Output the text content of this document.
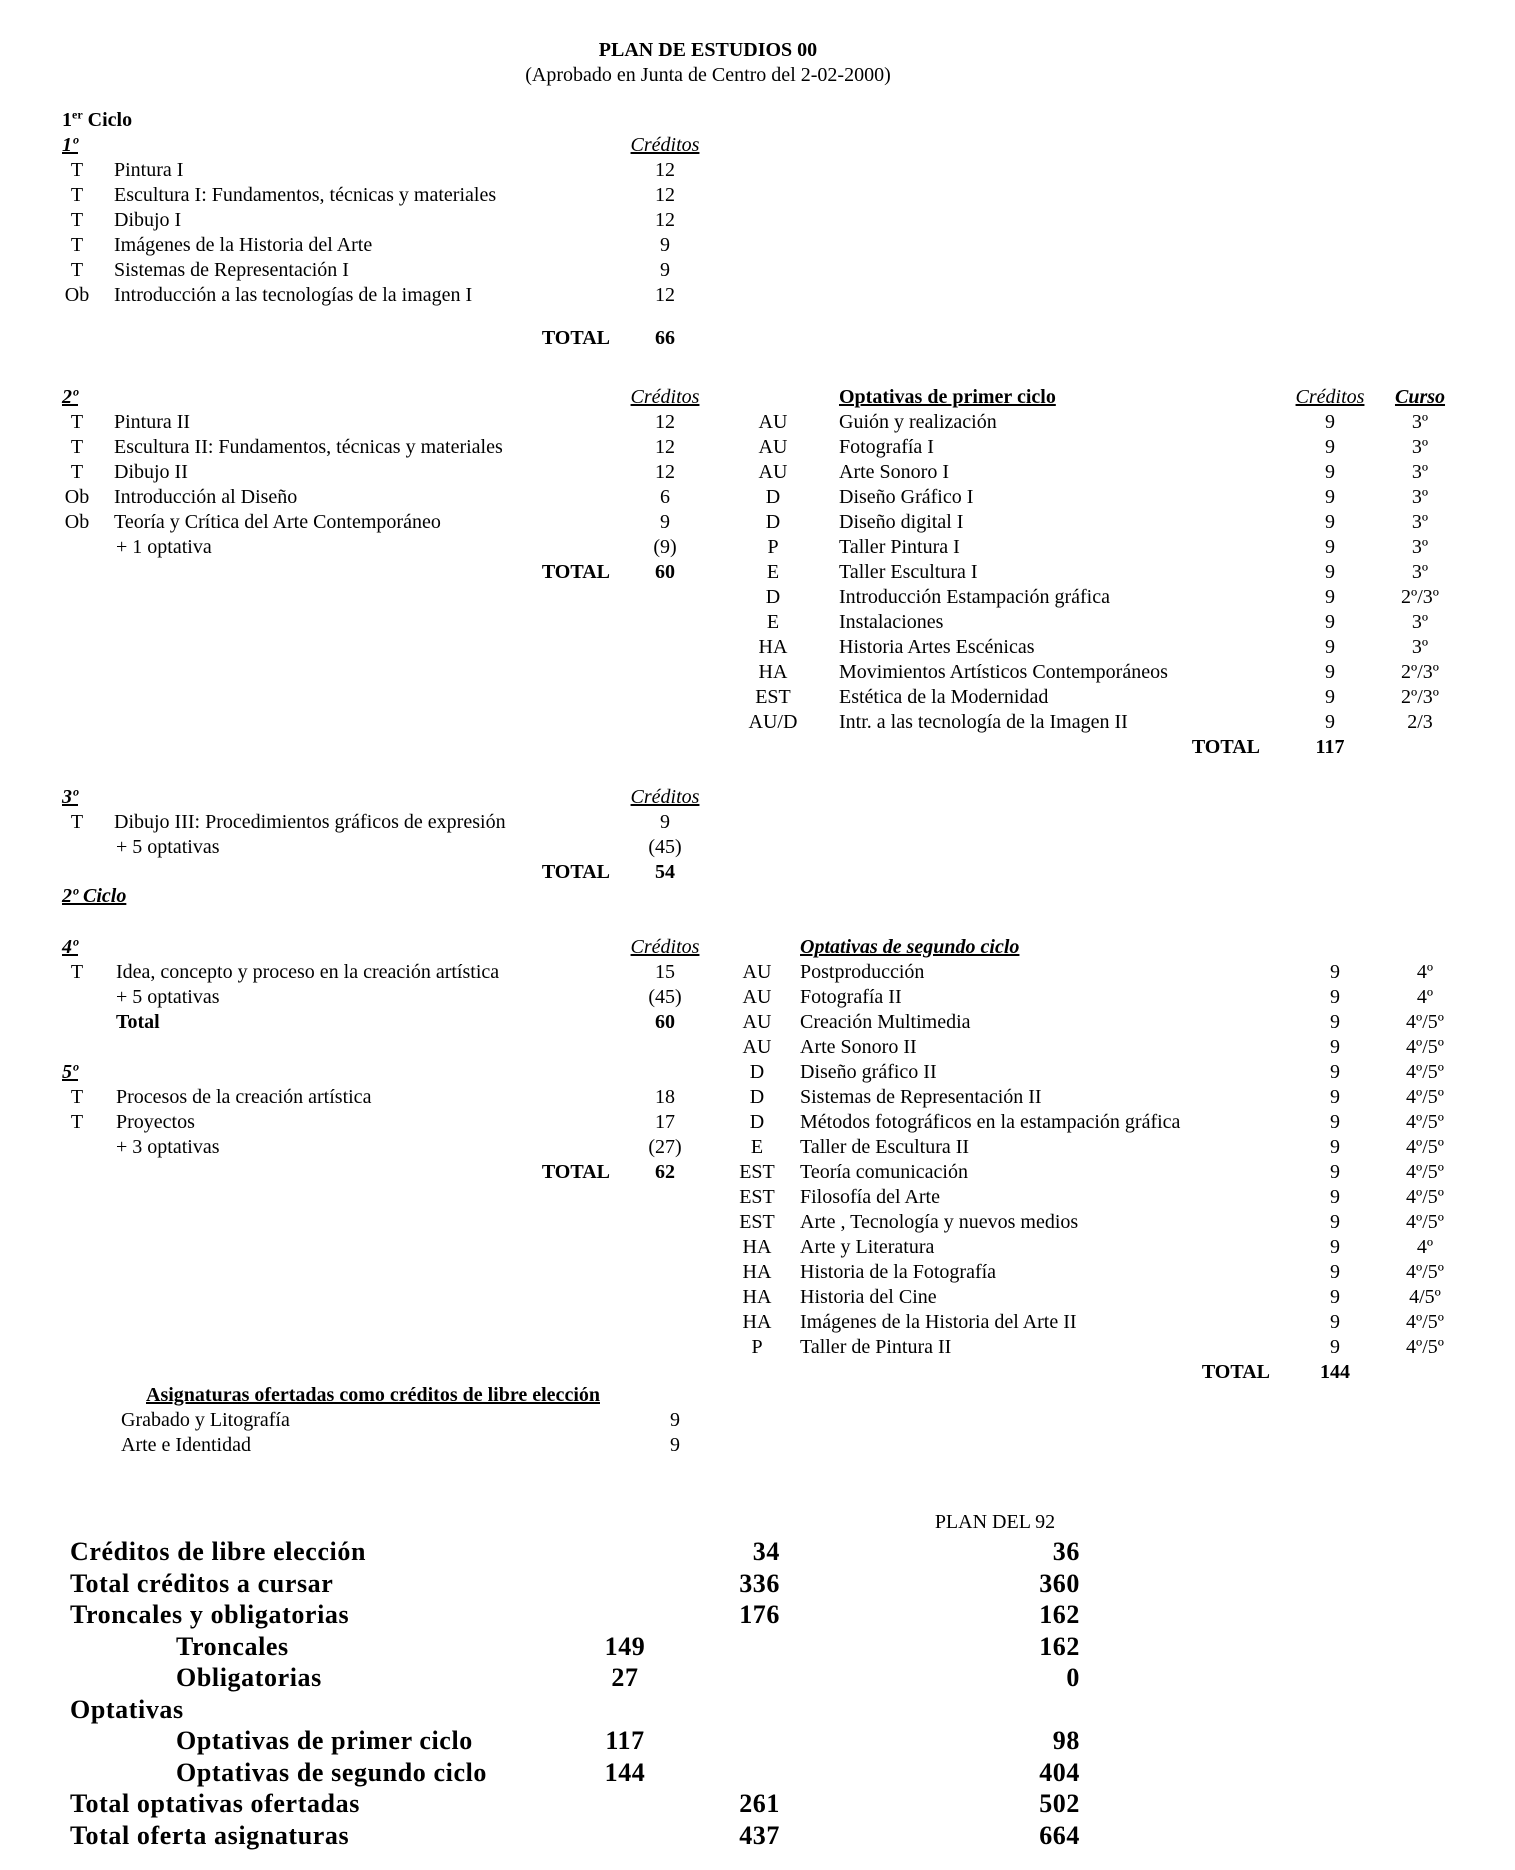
PLAN DE ESTUDIOS 00
(Aprobado en Junta de Centro del 2-02-2000)
1er Ciclo
1º	Créditos
T	Pintura I	12
T	Escultura I: Fundamentos, técnicas y materiales	12
T	Dibujo I	12
T	Imágenes de la Historia del Arte	9
T	Sistemas de Representación I	9
Ob	Introducción a las tecnologías de la imagen I	12
TOTAL	66
2º	Créditos
T	Pintura II	12
T	Escultura II: Fundamentos, técnicas y materiales	12
T	Dibujo II	12
Ob	Introducción al Diseño	6
Ob	Teoría y Crítica del Arte Contemporáneo	9
+ 1 optativa	(9)
TOTAL	60
Optativas de primer ciclo	Créditos	Curso
AU	Guión y realización	9	3º
AU	Fotografía I	9	3º
AU	Arte Sonoro I	9	3º
D	Diseño Gráfico I	9	3º
D	Diseño digital I	9	3º
P	Taller Pintura I	9	3º
E	Taller Escultura I	9	3º
D	Introducción Estampación gráfica	9	2º/3º
E	Instalaciones	9	3º
HA	Historia Artes Escénicas	9	3º
HA	Movimientos Artísticos Contemporáneos	9	2º/3º
EST	Estética de la Modernidad	9	2º/3º
AU/D	Intr. a las tecnología de la Imagen II	9	2/3
TOTAL	117
3º	Créditos
T	Dibujo III: Procedimientos gráficos de expresión	9
+ 5 optativas	(45)
TOTAL	54
2º Ciclo
4º	Créditos
T	Idea, concepto y proceso en la creación artística	15
+ 5 optativas	(45)
Total	60
5º
T	Procesos de la creación artística	18
T	Proyectos	17
+ 3 optativas	(27)
TOTAL	62
Optativas de segundo ciclo
AU	Postproducción	9	4º
AU	Fotografía II	9	4º
AU	Creación Multimedia	9	4º/5º
AU	Arte Sonoro II	9	4º/5º
D	Diseño gráfico II	9	4º/5º
D	Sistemas de Representación II	9	4º/5º
D	Métodos fotográficos en la estampación gráfica	9	4º/5º
E	Taller de Escultura II	9	4º/5º
EST	Teoría comunicación	9	4º/5º
EST	Filosofía del Arte	9	4º/5º
EST	Arte , Tecnología y nuevos medios	9	4º/5º
HA	Arte y Literatura	9	4º
HA	Historia de la Fotografía	9	4º/5º
HA	Historia del Cine	9	4/5º
HA	Imágenes de la Historia del Arte II	9	4º/5º
P	Taller de Pintura II	9	4º/5º
TOTAL	144
Asignaturas ofertadas como créditos de libre elección
Grabado y Litografía	9
Arte e Identidad	9
PLAN DEL 92
Créditos de libre elección	34	36
Total créditos a cursar	336	360
Troncales y obligatorias	176	162
Troncales	149	162
Obligatorias	27	0
Optativas
Optativas de primer ciclo	117	98
Optativas de segundo ciclo	144	404
Total optativas ofertadas	261	502
Total oferta asignaturas	437	664
